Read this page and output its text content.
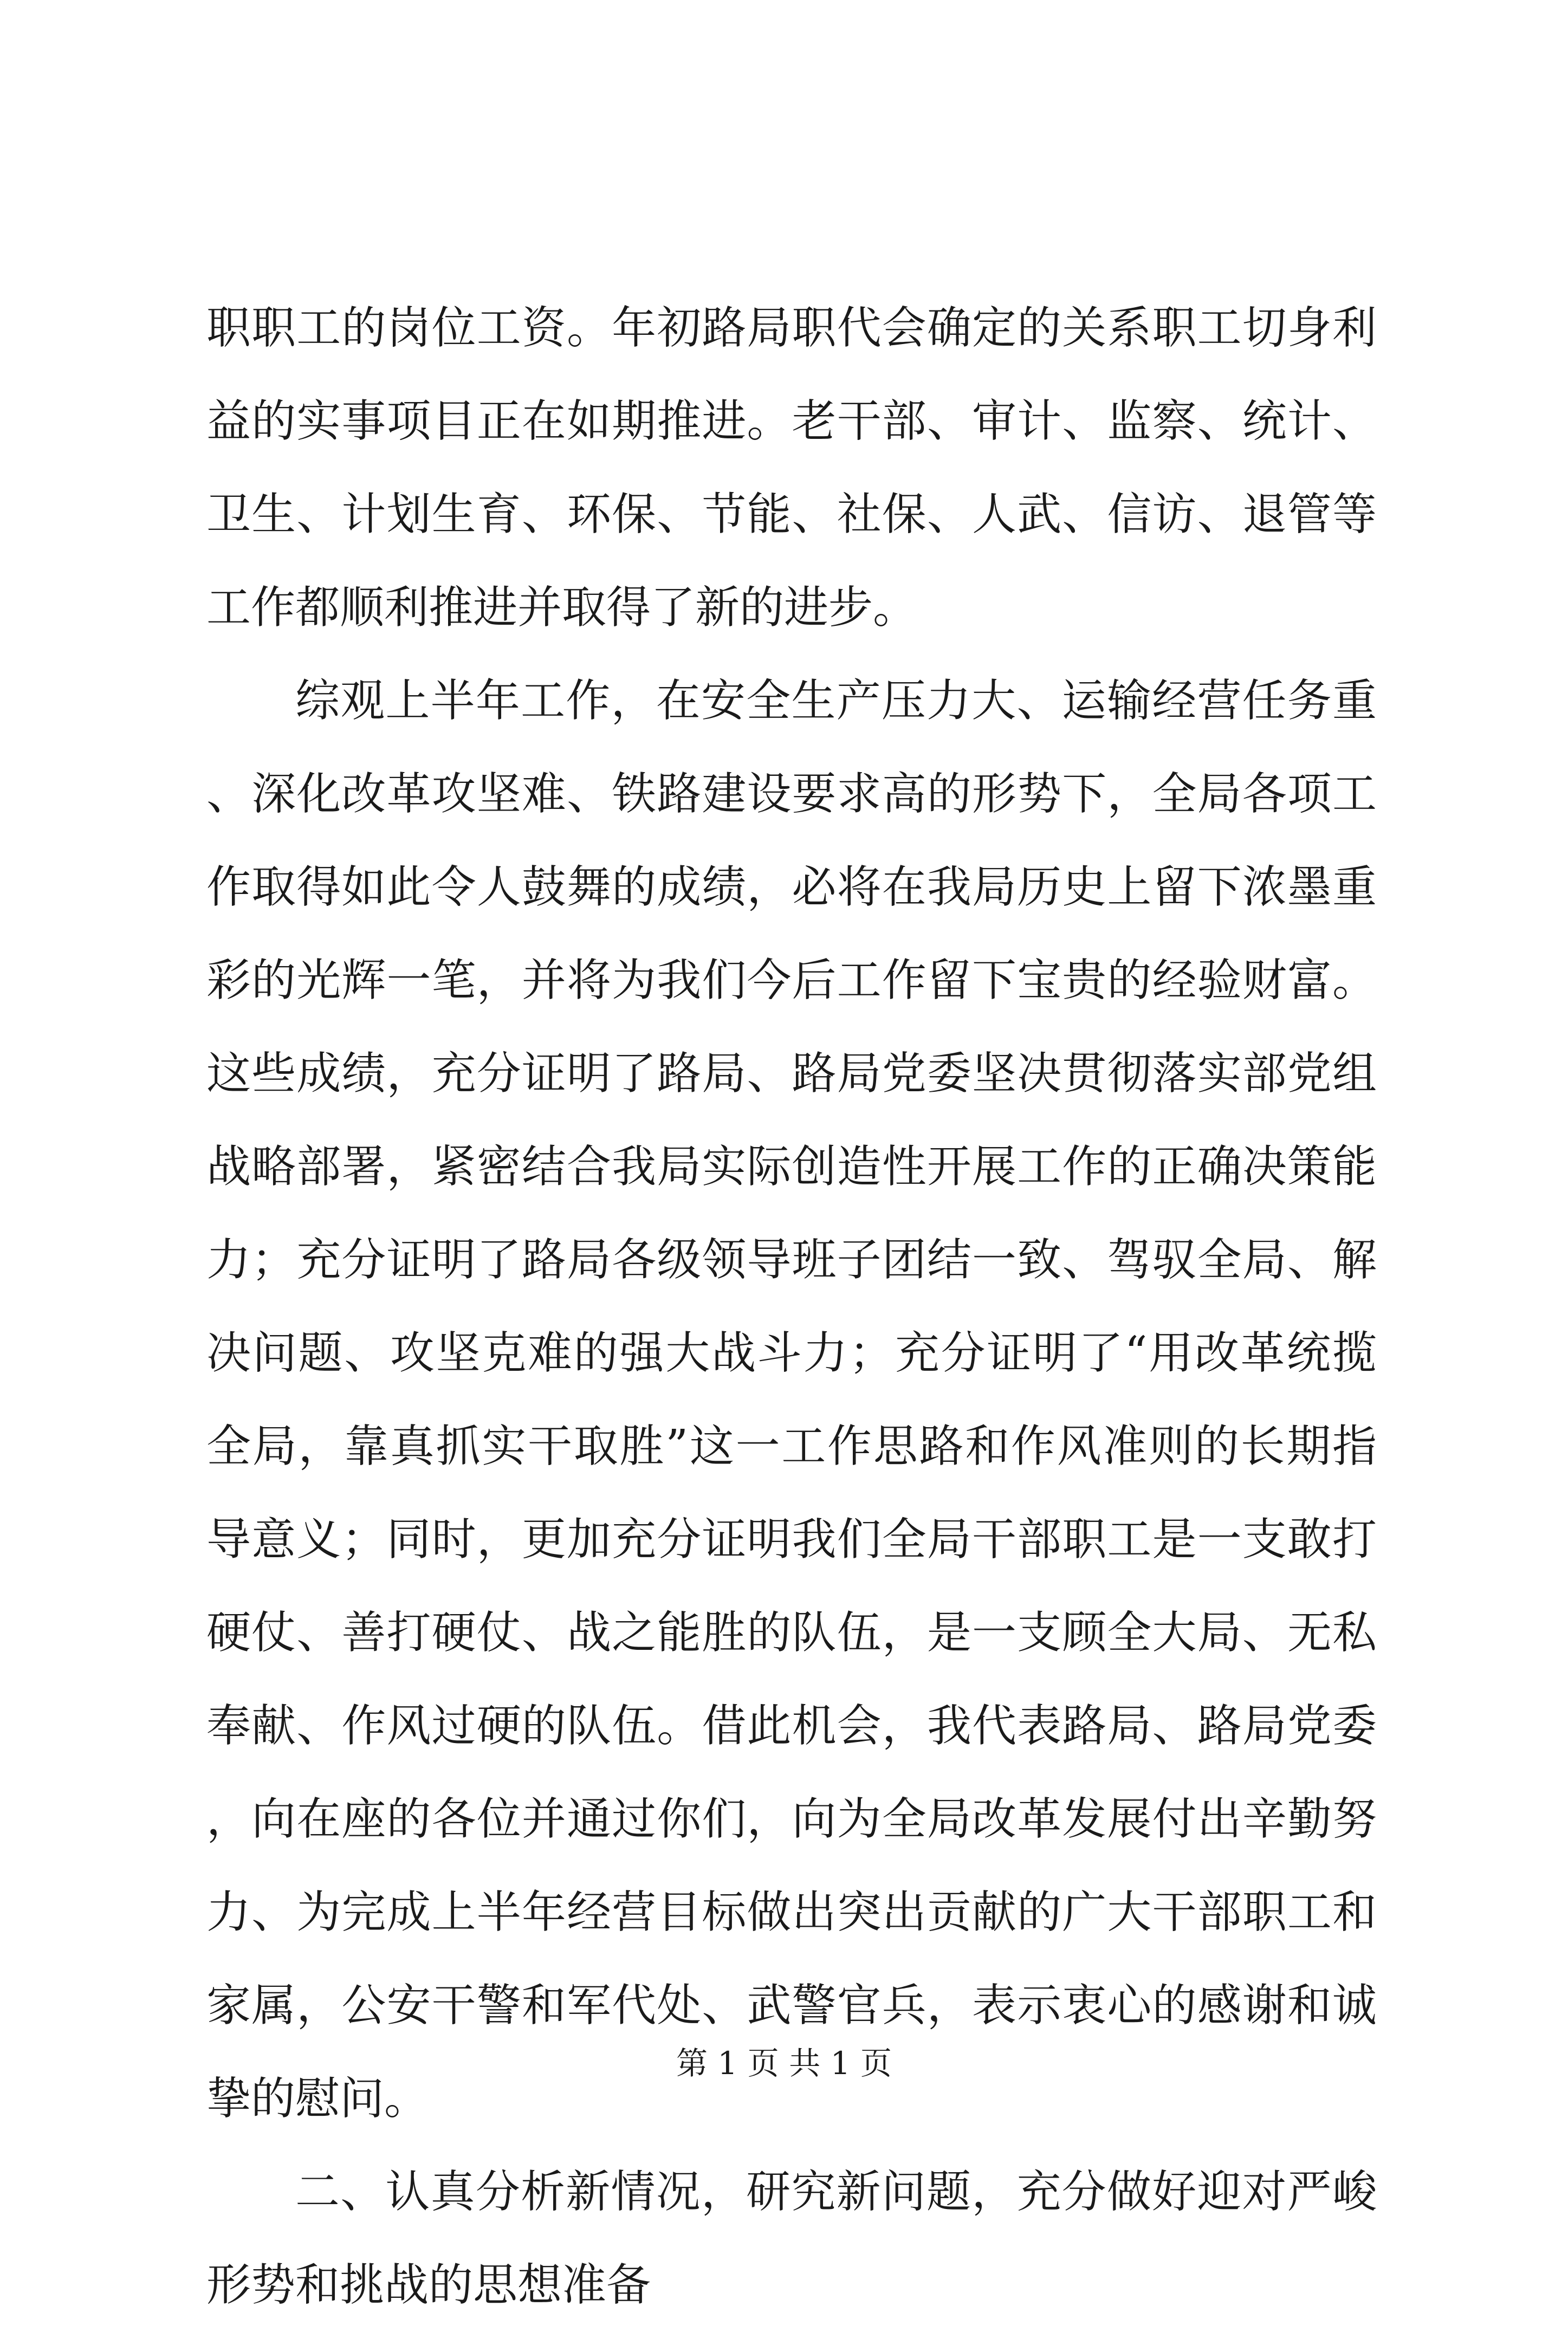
职职工的岗位工资。年初路局职代会确定的关系职工切身利益的实事项目正在如期推进。老干部、审计、监察、统计、卫生、计划生育、环保、节能、社保、人武、信访、退管等工作都顺利推进并取得了新的进步。

综观上半年工作，在安全生产压力大、运输经营任务重、深化改革攻坚难、铁路建设要求高的形势下，全局各项工作取得如此令人鼓舞的成绩，必将在我局历史上留下浓墨重彩的光辉一笔，并将为我们今后工作留下宝贵的经验财富。这些成绩，充分证明了路局、路局党委坚决贯彻落实部党组战略部署，紧密结合我局实际创造性开展工作的正确决策能力；充分证明了路局各级领导班子团结一致、驾驭全局、解决问题、攻坚克难的强大战斗力；充分证明了“用改革统揽全局，靠真抓实干取胜”这一工作思路和作风准则的长期指导意义；同时，更加充分证明我们全局干部职工是一支敢打硬仗、善打硬仗、战之能胜的队伍，是一支顾全大局、无私奉献、作风过硬的队伍。借此机会，我代表路局、路局党委，向在座的各位并通过你们，向为全局改革发展付出辛勤努力、为完成上半年经营目标做出突出贡献的广大干部职工和家属，公安干警和军代处、武警官兵，表示衷心的感谢和诚挚的慰问。

二、认真分析新情况，研究新问题，充分做好迎对严峻形势和挑战的思想准备

第 1 页 共 1 页
